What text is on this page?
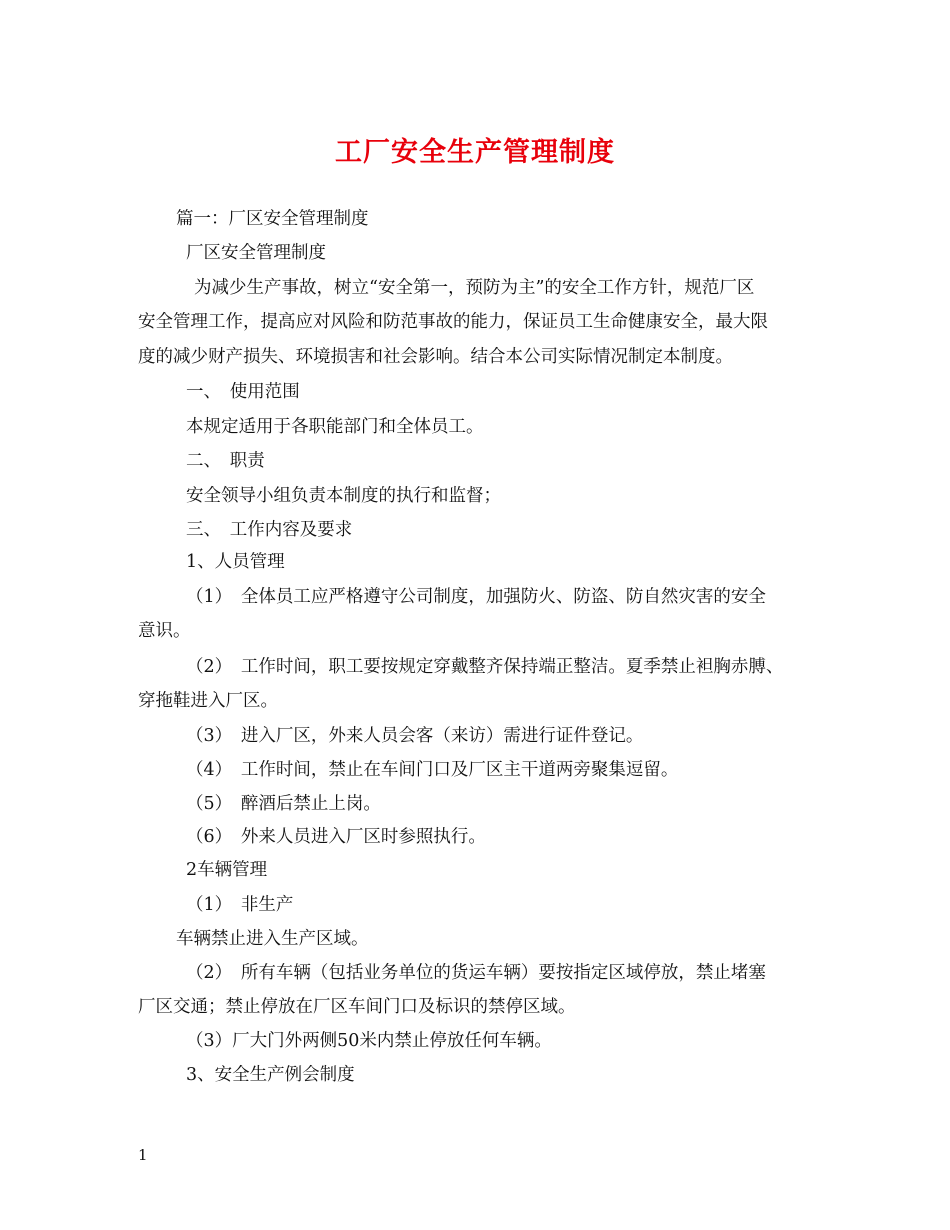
工厂安全生产管理制度
篇一：厂区安全管理制度
厂区安全管理制度
为减少生产事故，树立“安全第一，预防为主”的安全工作方针，规范厂区
安全管理工作，提高应对风险和防范事故的能力，保证员工生命健康安全，最大限
度的减少财产损失、环境损害和社会影响。结合本公司实际情况制定本制度。
一、　使用范围
本规定适用于各职能部门和全体员工。
二、　职责
安全领导小组负责本制度的执行和监督；
三、　工作内容及要求
1、人员管理
（1）　全体员工应严格遵守公司制度，加强防火、防盗、防自然灾害的安全
意识。
（2）　工作时间，职工要按规定穿戴整齐保持端正整洁。夏季禁止袒胸赤膊、
穿拖鞋进入厂区。
（3）　进入厂区，外来人员会客（来访）需进行证件登记。
（4）　工作时间，禁止在车间门口及厂区主干道两旁聚集逗留。
（5）　醉酒后禁止上岗。
（6）　外来人员进入厂区时参照执行。
2车辆管理
（1）　非生产
车辆禁止进入生产区域。
（2）　所有车辆（包括业务单位的货运车辆）要按指定区域停放，禁止堵塞
厂区交通；禁止停放在厂区车间门口及标识的禁停区域。
（3）厂大门外两侧50米内禁止停放任何车辆。
3、安全生产例会制度
1
